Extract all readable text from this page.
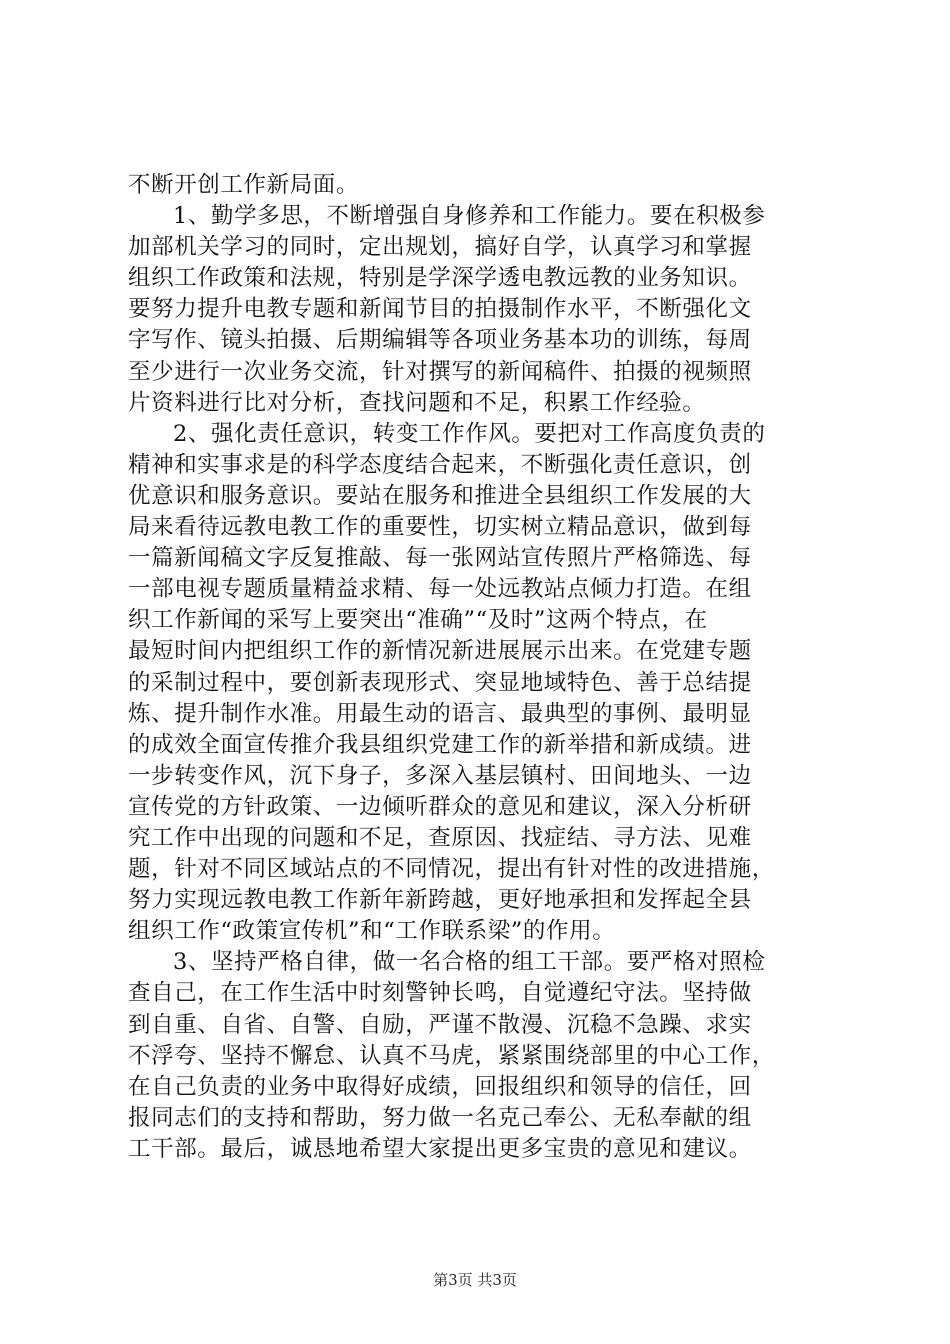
不断开创工作新局面。
1、勤学多思，不断增强自身修养和工作能力。要在积极参
加部机关学习的同时，定出规划，搞好自学，认真学习和掌握
组织工作政策和法规，特别是学深学透电教远教的业务知识。
要努力提升电教专题和新闻节目的拍摄制作水平，不断强化文
字写作、镜头拍摄、后期编辑等各项业务基本功的训练，每周
至少进行一次业务交流，针对撰写的新闻稿件、拍摄的视频照
片资料进行比对分析，查找问题和不足，积累工作经验。
2、强化责任意识，转变工作作风。要把对工作高度负责的
精神和实事求是的科学态度结合起来，不断强化责任意识，创
优意识和服务意识。要站在服务和推进全县组织工作发展的大
局来看待远教电教工作的重要性，切实树立精品意识，做到每
一篇新闻稿文字反复推敲、每一张网站宣传照片严格筛选、每
一部电视专题质量精益求精、每一处远教站点倾力打造。在组
织工作新闻的采写上要突出“准确”“及时”这两个特点，在
最短时间内把组织工作的新情况新进展展示出来。在党建专题
的采制过程中，要创新表现形式、突显地域特色、善于总结提
炼、提升制作水准。用最生动的语言、最典型的事例、最明显
的成效全面宣传推介我县组织党建工作的新举措和新成绩。进
一步转变作风，沉下身子，多深入基层镇村、田间地头、一边
宣传党的方针政策、一边倾听群众的意见和建议，深入分析研
究工作中出现的问题和不足，查原因、找症结、寻方法、见难
题，针对不同区域站点的不同情况，提出有针对性的改进措施，
努力实现远教电教工作新年新跨越，更好地承担和发挥起全县
组织工作“政策宣传机”和“工作联系梁”的作用。
3、坚持严格自律，做一名合格的组工干部。要严格对照检
查自己，在工作生活中时刻警钟长鸣，自觉遵纪守法。坚持做
到自重、自省、自警、自励，严谨不散漫、沉稳不急躁、求实
不浮夸、坚持不懈怠、认真不马虎，紧紧围绕部里的中心工作，
在自己负责的业务中取得好成绩，回报组织和领导的信任，回
报同志们的支持和帮助，努力做一名克己奉公、无私奉献的组
工干部。最后，诚恳地希望大家提出更多宝贵的意见和建议。
第3页 共3页
